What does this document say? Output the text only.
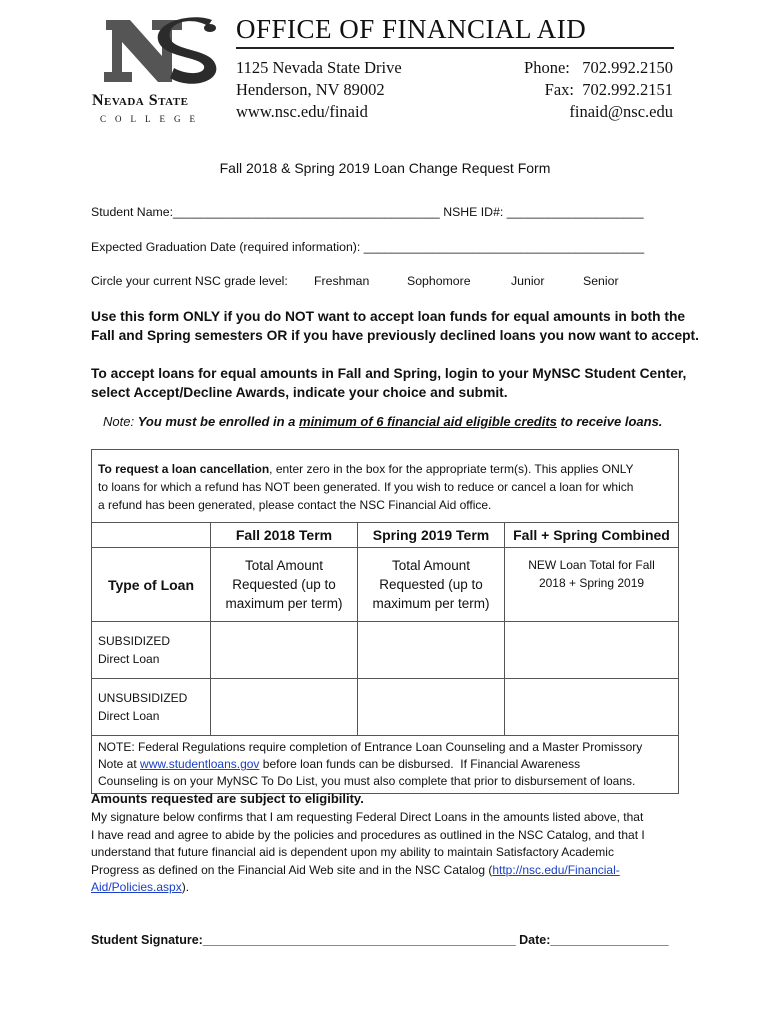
Nevada State
COLLEGE
OFFICE OF FINANCIAL AID
1125 Nevada State Drive
Henderson, NV 89002
www.nsc.edu/finaid
Phone:   702.992.2150
Fax:  702.992.2151
finaid@nsc.edu
Fall 2018 & Spring 2019 Loan Change Request Form
Student Name:_______________________________________ NSHE ID#: ____________________
Expected Graduation Date (required information): _________________________________________
Circle your current NSC grade level: Freshman	Sophomore	Junior	Senior
Use this form ONLY if you do NOT want to accept loan funds for equal amounts in both the
Fall and Spring semesters OR if you have previously declined loans you now want to accept.
To accept loans for equal amounts in Fall and Spring, login to your MyNSC Student Center,
select Accept/Decline Awards, indicate your choice and submit.
Note: You must be enrolled in a minimum of 6 financial aid eligible credits to receive loans.
To request a loan cancellation, enter zero in the box for the appropriate term(s). This applies ONLY
to loans for which a refund has NOT been generated. If you wish to reduce or cancel a loan for which
a refund has been generated, please contact the NSC Financial Aid office.			

	Fall 2018 Term	Spring 2019 Term	Fall + Spring Combined
Type of Loan	Total Amount Requested (up to maximum per term)	Total Amount Requested (up to maximum per term)	NEW Loan Total for Fall 2018 + Spring 2019

SUBSIDIZED
Direct Loan			

UNSUBSIDIZED
Direct Loan			

NOTE: Federal Regulations require completion of Entrance Loan Counseling and a Master Promissory
Note at www.studentloans.gov before loan funds can be disbursed.  If Financial Awareness
Counseling is on your MyNSC To Do List, you must also complete that prior to disbursement of loans.			
Amounts requested are subject to eligibility.
My signature below confirms that I am requesting Federal Direct Loans in the amounts listed above, that
I have read and agree to abide by the policies and procedures as outlined in the NSC Catalog, and that I
understand that future financial aid is dependent upon my ability to maintain Satisfactory Academic
Progress as defined on the Financial Aid Web site and in the NSC Catalog (http://nsc.edu/Financial-
Aid/Policies.aspx).
Student Signature:_____________________________________________ Date:_________________
